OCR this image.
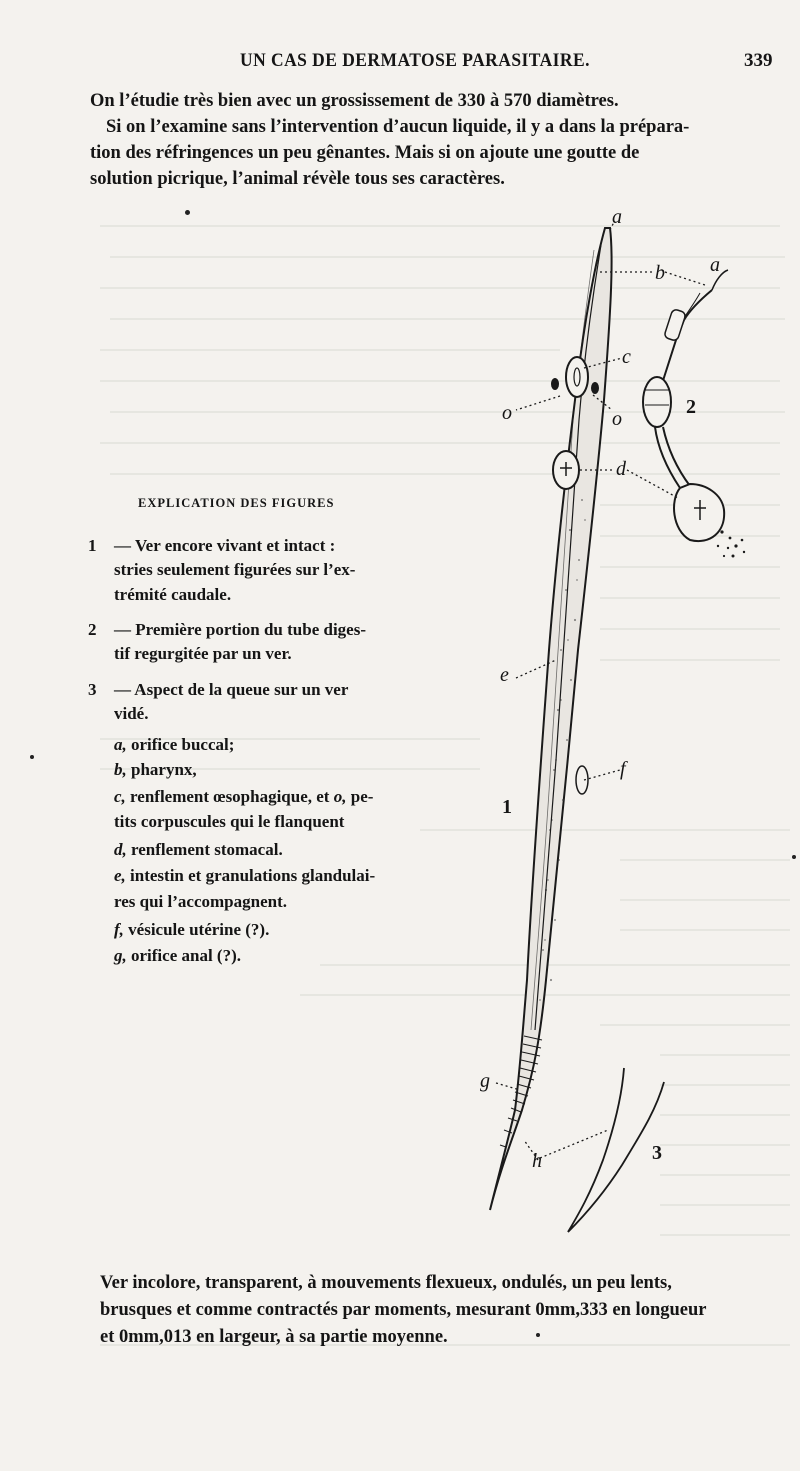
UN CAS DE DERMATOSE PARASITAIRE.	339

On l’étudie très bien avec un grossissement de 330 à 570 diamètres.
Si on l’examine sans l’intervention d’aucun liquide, il y a dans la prépara-
tion des réfringences un peu gênantes. Mais si on ajoute une goutte de
solution picrique, l’animal révèle tous ses caractères.
a
b a
c
o	o
d
e
f
g
h
2
1
3
EXPLICATION DES FIGURES
1 — Ver encore vivant et intact :
stries seulement figurées sur l’ex-
trémité caudale.
2 — Première portion du tube diges-
tif regurgitée par un ver.
3 — Aspect de la queue sur un ver
vidé.
a, orifice buccal;
b, pharynx,
c, renflement œsophagique, et o, pe-
tits corpuscules qui le flanquent
d, renflement stomacal.
e, intestin et granulations glandulai-
res qui l’accompagnent.
f, vésicule utérine (?).
g, orifice anal (?).
Ver incolore, transparent, à mouvements flexueux, ondulés, un peu lents,
brusques et comme contractés par moments, mesurant 0mm,333 en longueur
et 0mm,013 en largeur, à sa partie moyenne.
